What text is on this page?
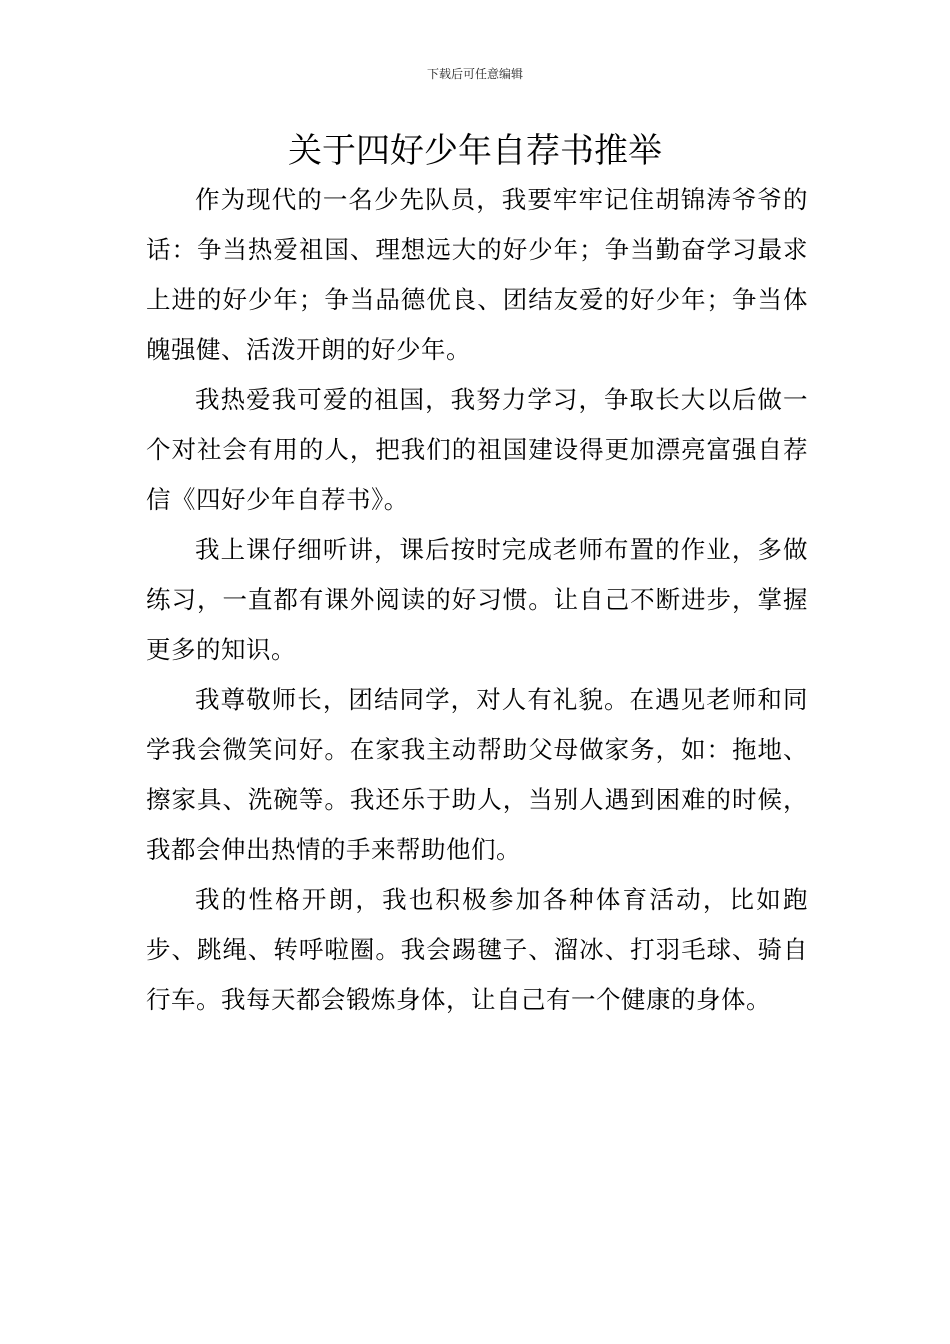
下载后可任意编辑
关于四好少年自荐书推举

作为现代的一名少先队员，我要牢牢记住胡锦涛爷爷的话：争当热爱祖国、理想远大的好少年；争当勤奋学习最求上进的好少年；争当品德优良、团结友爱的好少年；争当体魄强健、活泼开朗的好少年。

我热爱我可爱的祖国，我努力学习，争取长大以后做一个对社会有用的人，把我们的祖国建设得更加漂亮富强自荐信《四好少年自荐书》。

我上课仔细听讲，课后按时完成老师布置的作业，多做练习，一直都有课外阅读的好习惯。让自己不断进步，掌握更多的知识。

我尊敬师长，团结同学，对人有礼貌。在遇见老师和同学我会微笑问好。在家我主动帮助父母做家务，如：拖地、擦家具、洗碗等。我还乐于助人，当别人遇到困难的时候，我都会伸出热情的手来帮助他们。

我的性格开朗，我也积极参加各种体育活动，比如跑步、跳绳、转呼啦圈。我会踢毽子、溜冰、打羽毛球、骑自行车。我每天都会锻炼身体，让自己有一个健康的身体。
